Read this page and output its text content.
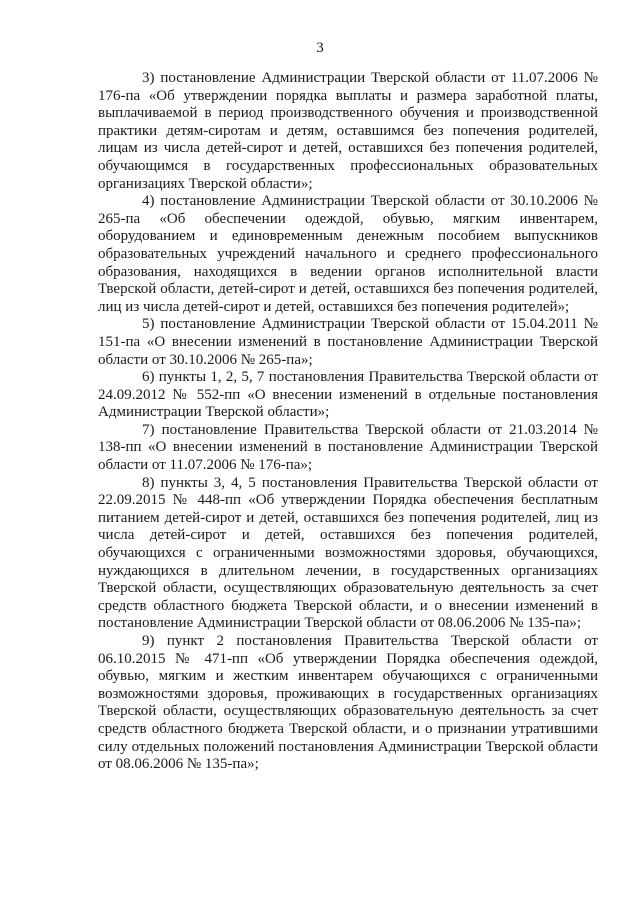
3

3) постановление Администрации Тверской области от 11.07.2006 № 176-па «Об утверждении порядка выплаты и размера заработной платы, выплачиваемой в период производственного обучения и производственной практики детям-сиротам и детям, оставшимся без попечения родителей, лицам из числа детей-сирот и детей, оставшихся без попечения родителей, обучающимся в государственных профессиональных образовательных организациях Тверской области»;

4) постановление Администрации Тверской области от 30.10.2006 № 265-па «Об обеспечении одеждой, обувью, мягким инвентарем, оборудованием и единовременным денежным пособием выпускников образовательных учреждений начального и среднего профессионального образования, находящихся в ведении органов исполнительной власти Тверской области, детей-сирот и детей, оставшихся без попечения родителей, лиц из числа детей-сирот и детей, оставшихся без попечения родителей»;

5) постановление Администрации Тверской области от 15.04.2011 № 151-па «О внесении изменений в постановление Администрации Тверской области от 30.10.2006 № 265-па»;

6) пункты 1, 2, 5, 7 постановления Правительства Тверской области от 24.09.2012 № 552-пп «О внесении изменений в отдельные постановления Администрации Тверской области»;

7) постановление Правительства Тверской области от 21.03.2014 № 138-пп «О внесении изменений в постановление Администрации Тверской области от 11.07.2006 № 176-па»;

8) пункты 3, 4, 5 постановления Правительства Тверской области от 22.09.2015 № 448-пп «Об утверждении Порядка обеспечения бесплатным питанием детей-сирот и детей, оставшихся без попечения родителей, лиц из числа детей-сирот и детей, оставшихся без попечения родителей, обучающихся с ограниченными возможностями здоровья, обучающихся, нуждающихся в длительном лечении, в государственных организациях Тверской области, осуществляющих образовательную деятельность за счет средств областного бюджета Тверской области, и о внесении изменений в постановление Администрации Тверской области от 08.06.2006 № 135-па»;

9) пункт 2 постановления Правительства Тверской области от 06.10.2015 № 471-пп «Об утверждении Порядка обеспечения одеждой, обувью, мягким и жестким инвентарем обучающихся с ограниченными возможностями здоровья, проживающих в государственных организациях Тверской области, осуществляющих образовательную деятельность за счет средств областного бюджета Тверской области, и о признании утратившими силу отдельных положений постановления Администрации Тверской области от 08.06.2006 № 135-па»;
